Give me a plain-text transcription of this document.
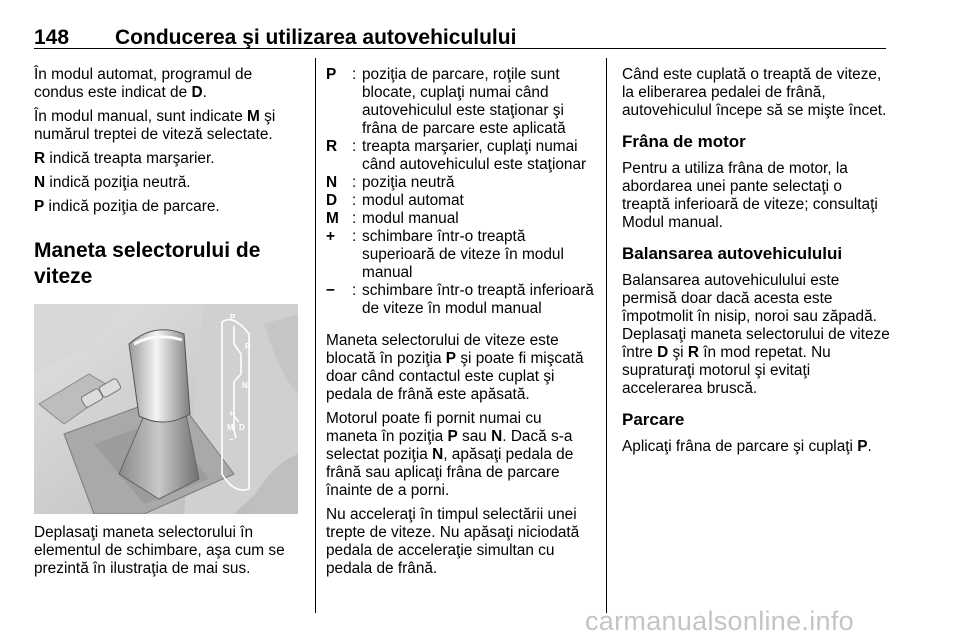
148 Conducerea şi utilizarea autovehiculului

În modul automat, programul de condus este indicat de D.

În modul manual, sunt indicate M şi numărul treptei de viteză selectate.

R indică treapta marşarier.

N indică poziţia neutră.

P indică poziţia de parcare.

Maneta selectorului de viteze
P
R
N
+
M D
−

Deplasaţi maneta selectorului în elementul de schimbare, aşa cum se prezintă în ilustraţia de mai sus.

P	: poziţia de parcare, roţile sunt blocate, cuplaţi numai când autovehiculul este staţionar şi frâna de parcare este aplicată
R : treapta marşarier, cuplaţi numai când autovehiculul este staţionar
N : poziţia neutră
D : modul automat
M : modul manual
+	: schimbare într-o treaptă superioară de viteze în modul manual
−	: schimbare într-o treaptă inferioară de viteze în modul manual

Maneta selectorului de viteze este blocată în poziţia P şi poate fi mişcată doar când contactul este cuplat şi pedala de frână este apăsată.

Motorul poate fi pornit numai cu maneta în poziţia P sau N. Dacă s-a selectat poziţia N, apăsaţi pedala de frână sau aplicaţi frâna de parcare înainte de a porni.

Nu acceleraţi în timpul selectării unei trepte de viteze. Nu apăsaţi niciodată pedala de acceleraţie simultan cu pedala de frână.

Când este cuplată o treaptă de viteze, la eliberarea pedalei de frână, autovehiculul începe să se mişte încet.

Frâna de motor

Pentru a utiliza frâna de motor, la abordarea unei pante selectaţi o treaptă inferioară de viteze; consultaţi Modul manual.

Balansarea autovehiculului

Balansarea autovehiculului este permisă doar dacă acesta este împotmolit în nisip, noroi sau zăpadă. Deplasaţi maneta selectorului de viteze între D şi R în mod repetat. Nu supraturaţi motorul şi evitaţi accelerarea bruscă.

Parcare

Aplicaţi frâna de parcare şi cuplaţi P.

carmanualsonline.info
